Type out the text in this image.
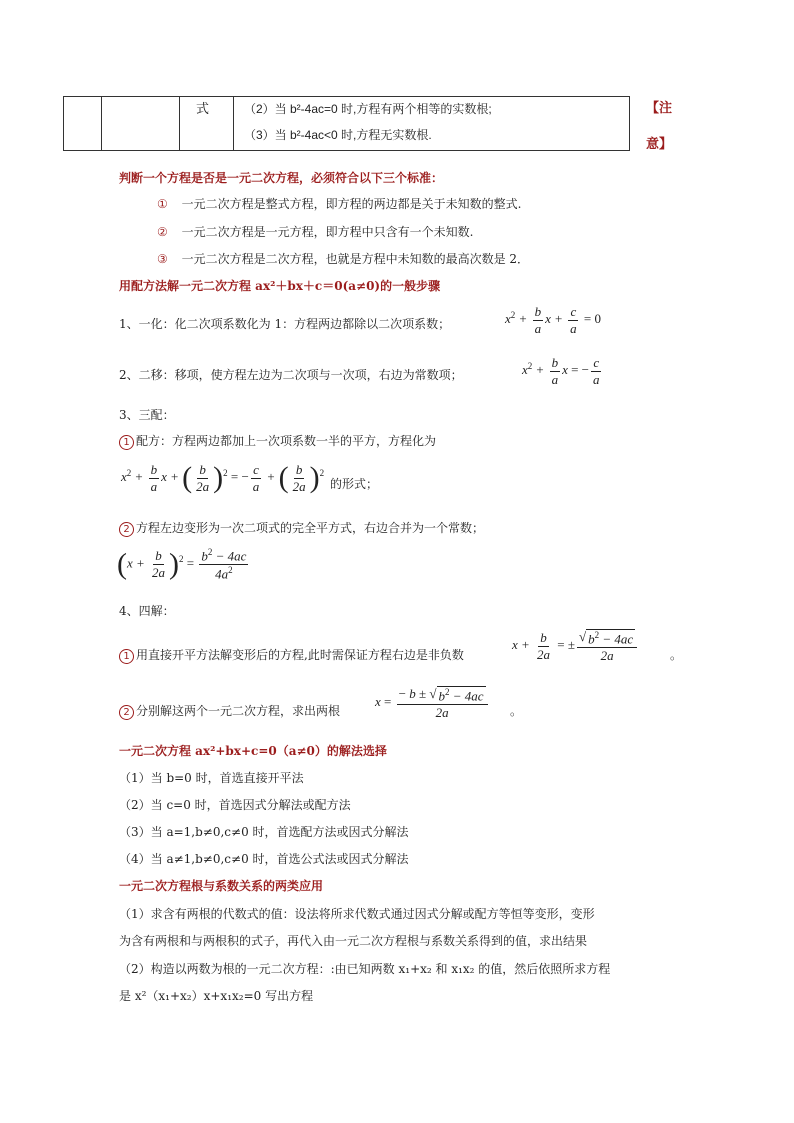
式	（2）当 b²-4ac=0 时,方程有两个相等的实数根;
（3）当 b²-4ac<0 时,方程无实数根.
【注
意】
判断一个方程是否是一元二次方程，必须符合以下三个标准：
① 一元二次方程是整式方程，即方程的两边都是关于未知数的整式.
② 一元二次方程是一元方程，即方程中只含有一个未知数.
③ 一元二次方程是二次方程，也就是方程中未知数的最高次数是 2．
用配方法解一元二次方程 ax²＋bx＋c＝0(a≠0)的一般步骤
1、一化：化二次项系数化为 1：方程两边都除以二次项系数；	$x^2 + \frac{b}{a}$ $x + \frac{c}{a} = 0$
2、二移：移项，使方程左边为二次项与一次项，右边为常数项；	$x^2 + \frac{b}{a}$ x = − $\frac{c}{a}$
3、三配：
1 配方：方程两边都加上一次项系数一半的平方，方程化为
$x^2 + \frac{b}{a}$ x + ( $\frac{b}{2a} )^2$ = − $\frac{c}{a}$ + ( $\frac{b}{2a} )^2$
的形式；
2 方程左边变形为一次二项式的完全平方式，右边合并为一个常数；
$(x + \frac{b}{2a} )^2 = \frac{b^2 - 4ac}{4a^2}$
4、四解：
1 用直接开平方法解变形后的方程,此时需保证方程右边是非负数
$x + \frac{b}{2a}$ = ± $\frac{√ b^2 - 4ac}{2a}$	。
2 分别解这两个一元二次方程，求出两根
$x = \frac{- b \pm √ b^2 - 4ac}{2a}$ 。
一元二次方程 ax²+bx+c=0（a≠0）的解法选择
（1）当 b=0 时，首选直接开平法
（2）当 c=0 时，首选因式分解法或配方法
（3）当 a=1,b≠0,c≠0 时，首选配方法或因式分解法
（4）当 a≠1,b≠0,c≠0 时，首选公式法或因式分解法
一元二次方程根与系数关系的两类应用
（1）求含有两根的代数式的值：设法将所求代数式通过因式分解或配方等恒等变形，变形
为含有两根和与两根积的式子，再代入由一元二次方程根与系数关系得到的值，求出结果
（2）构造以两数为根的一元二次方程：:由已知两数 x₁+x₂ 和 x₁x₂ 的值，然后依照所求方程
是 x²（x₁+x₂）x+x₁x₂=0 写出方程
